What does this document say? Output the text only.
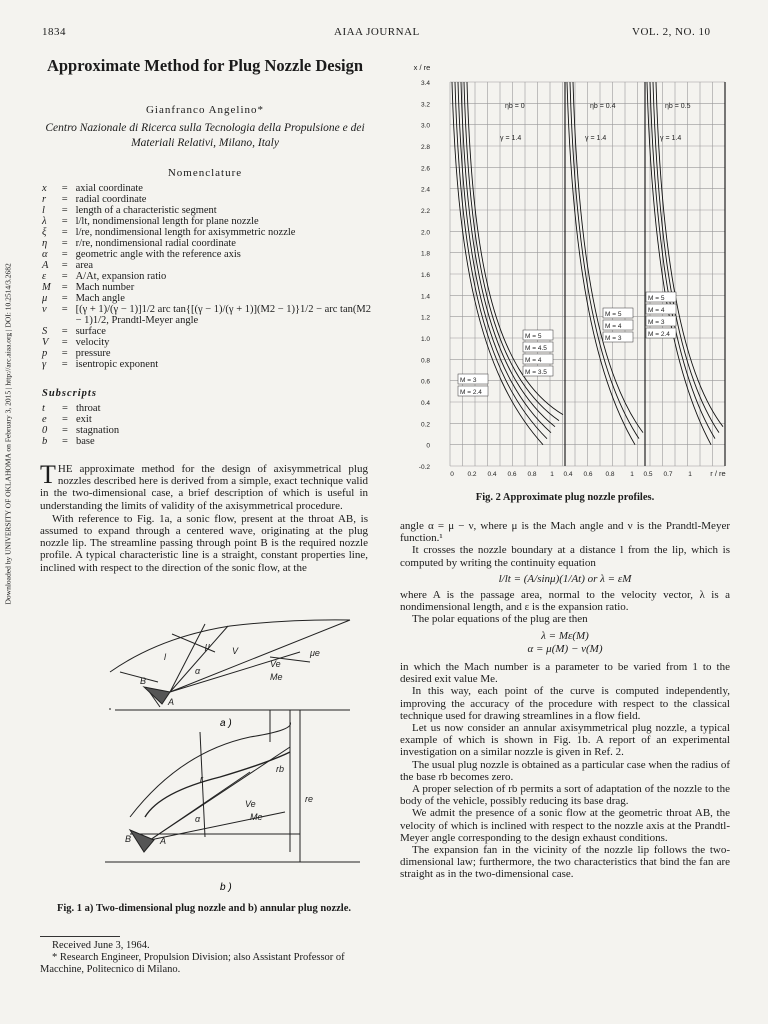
1834	AIAA JOURNAL	VOL. 2, NO. 10
Downloaded by UNIVERSITY OF OKLAHOMA on February 3, 2015 | http://arc.aiaa.org | DOI: 10.2514/3.2682
Approximate Method for Plug Nozzle Design
Gianfranco Angelino*
Centro Nazionale di Ricerca sulla Tecnologia della Propulsione e dei Materiali Relativi, Milano, Italy
Nomenclature
x	= axial coordinate
r	= radial coordinate
l	= length of a characteristic segment
λ	= l/lt, nondimensional length for plane nozzle
ξ	= l/re, nondimensional length for axisymmetric nozzle
η	= r/re, nondimensional radial coordinate
α	= geometric angle with the reference axis
A	= area
ε	= A/At, expansion ratio
M	= Mach number
μ	= Mach angle
ν	= [(γ + 1)/(γ − 1)]1/2 arc tan{[(γ − 1)/(γ + 1)](M2 − 1)}1/2 − arc tan(M2 − 1)1/2, Prandtl-Meyer angle
S	= surface
V	= velocity
p	= pressure
γ	= isentropic exponent
Subscripts
t	= throat
e	= exit
0	= stagnation
b	= base

THE approximate method for the design of axisymmetrical plug nozzles described here is derived from a simple, exact technique valid in the two-dimensional case, a brief description of which is useful in understanding the limits of validity of the axisymmetrical procedure.

With reference to Fig. 1a, a sonic flow, present at the throat AB, is assumed to expand through a centered wave, originating at the plug nozzle lip. The streamline passing through point B is the required nozzle profile. A typical characteristic line is a straight, constant properties line, inclined with respect to the direction of the sonic flow, at the

B
A
l
μ
α
V
Ve
Me
μe
r
rb
re
α
Ve
Me
A
B
a )
b )
Fig. 1 a) Two-dimensional plug nozzle and b) annular plug nozzle.
Received June 3, 1964.
* Research Engineer, Propulsion Division; also Assistant Professor of Macchine, Politecnico di Milano.
3.4
3.2
3.0
2.8
2.6
2.4
2.2
2.0
1.8
1.6
1.4
1.2
1.0
0.8
0.6
0.4
0.2
0
-0.2
0 0.2 0.4 0.6 0.8 1 0.4 0.6 0.8 1 0.5 0.7 1
x / re
r / re
ηb = 0	ηb = 0.4	ηb = 0.5
γ = 1.4	γ = 1.4	γ = 1.4
M = 5
M = 4.5
M = 4
M = 3.5
M = 3
M = 2.4
M = 5
M = 4
M = 3
M = 5
M = 4
M = 3
M = 2.4
Fig. 2 Approximate plug nozzle profiles.

angle α = μ − ν, where μ is the Mach angle and ν is the Prandtl-Meyer function.¹

It crosses the nozzle boundary at a distance l from the lip, which is computed by writing the continuity equation

l/lt = (A/sinμ)(1/At) or λ = εM

where A is the passage area, normal to the velocity vector, λ is a nondimensional length, and ε is the expansion ratio.

The polar equations of the plug are then

λ = Mε(M)

α = μ(M) − ν(M)

in which the Mach number is a parameter to be varied from 1 to the desired exit value Me.

In this way, each point of the curve is computed independently, improving the accuracy of the procedure with respect to the classical technique used for drawing streamlines in a flow field.

Let us now consider an annular axisymmetrical plug nozzle, a typical example of which is shown in Fig. 1b. A report of an experimental investigation on a similar nozzle is given in Ref. 2.

The usual plug nozzle is obtained as a particular case when the radius of the base rb becomes zero.

A proper selection of rb permits a sort of adaptation of the nozzle to the body of the vehicle, possibly reducing its base drag.

We admit the presence of a sonic flow at the geometric throat AB, the velocity of which is inclined with respect to the nozzle axis at the Prandtl-Meyer angle corresponding to the design exhaust conditions.

The expansion fan in the vicinity of the nozzle lip follows the two-dimensional law; furthermore, the two characteristics that bind the fan are straight as in the two-dimensional case.
